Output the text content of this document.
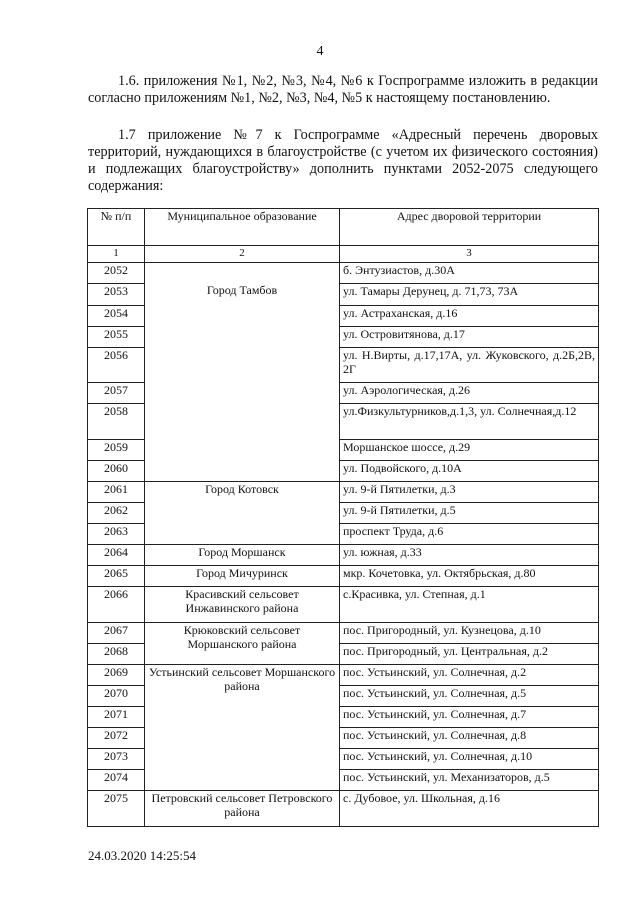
4

1.6. приложения №1, №2, №3, №4, №6 к Госпрограмме изложить в редакции согласно приложениям №1, №2, №3, №4, №5 к настоящему постановлению.

1.7 приложение №7 к Госпрограмме «Адресный перечень дворовых территорий, нуждающихся в благоустройстве (с учетом их физического состояния) и подлежащих благоустройству» дополнить пунктами 2052-2075 следующего содержания:

№ п/п	Муниципальное образование	Адрес дворовой территории
1	2	3
2052	Город Тамбов	б. Энтузиастов, д.30А
2053		ул. Тамары Дерунец, д. 71,73, 73А
2054		ул. Астраханская, д.16
2055		ул. Островитянова, д.17
2056		ул. Н.Вирты, д.17,17А, ул. Жуковского, д.2Б,2В, 2Г
2057		ул. Аэрологическая, д.26
2058		ул.Физкультурников,д.1,3, ул. Солнечная,д.12
2059		Моршанское шоссе, д.29
2060		ул. Подвойского, д.10А
2061	Город Котовск	ул. 9-й Пятилетки, д.3
2062		ул. 9-й Пятилетки, д.5
2063		проспект Труда, д.6
2064	Город Моршанск	ул. южная, д.33
2065	Город Мичуринск	мкр. Кочетовка, ул. Октябрьская, д.80
2066	Красивский сельсовет Инжавинского района	с.Красивка, ул. Степная, д.1
2067	Крюковский сельсовет Моршанского района	пос. Пригородный, ул. Кузнецова, д.10
2068		пос. Пригородный, ул. Центральная, д.2
2069	Устьинский сельсовет Моршанского района	пос. Устьинский, ул. Солнечная, д.2
2070		пос. Устьинский, ул. Солнечная, д.5
2071		пос. Устьинский, ул. Солнечная, д.7
2072		пос. Устьинский, ул. Солнечная, д.8
2073		пос. Устьинский, ул. Солнечная, д.10
2074		пос. Устьинский, ул. Механизаторов, д.5
2075	Петровский сельсовет Петровского района	с. Дубовое, ул. Школьная, д.16
24.03.2020 14:25:54
